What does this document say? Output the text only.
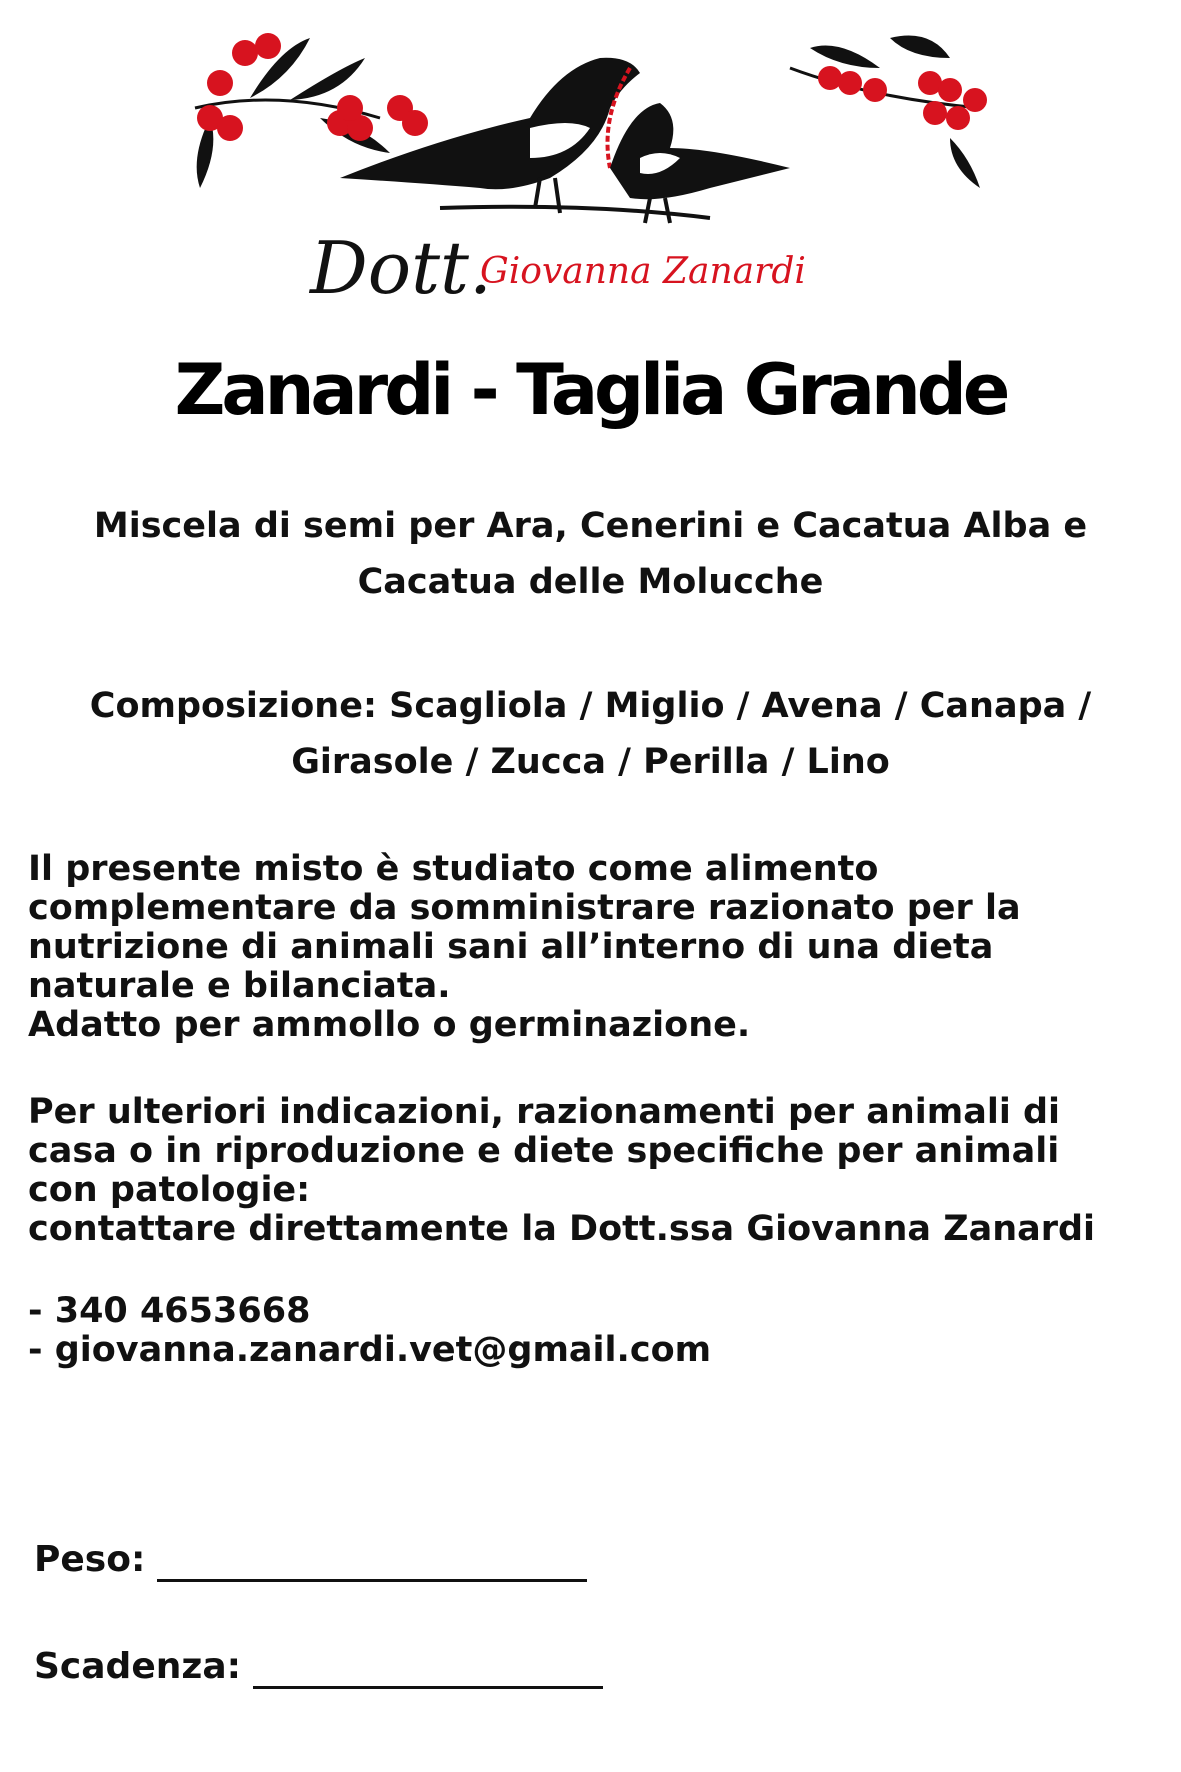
Dott.
Giovanna Zanardi
Zanardi - Taglia Grande
Miscela di semi per Ara, Cenerini e Cacatua Alba e
Cacatua delle Molucche
Composizione: Scagliola / Miglio / Avena / Canapa /
Girasole / Zucca / Perilla / Lino

Il presente misto è studiato come alimento

complementare da somministrare razionato per la

nutrizione di animali sani all’interno di una dieta

naturale e bilanciata.

Adatto per ammollo o germinazione.

Per ulteriori indicazioni, razionamenti per animali di

casa o in riproduzione e diete specifiche per animali

con patologie:

contattare direttamente la Dott.ssa Giovanna Zanardi

- 340 4653668

- giovanna.zanardi.vet@gmail.com

Peso:
Scadenza:
